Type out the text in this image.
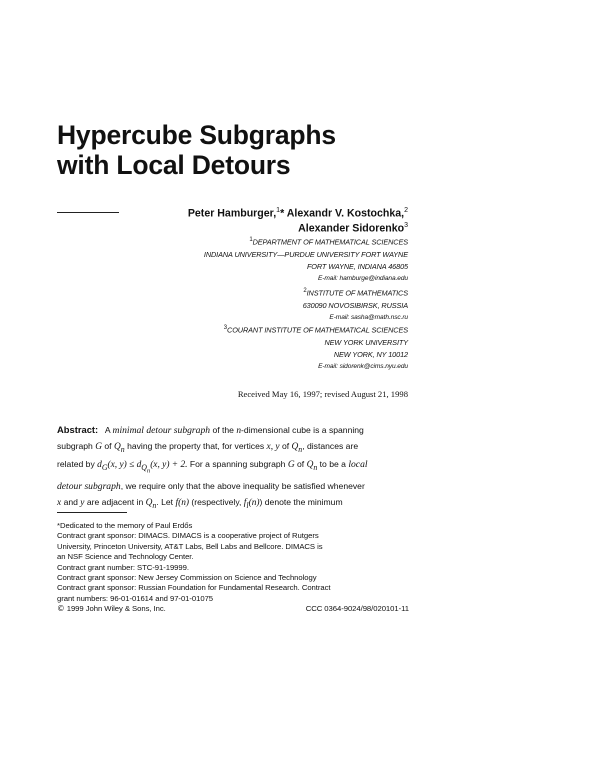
Hypercube Subgraphs
with Local Detours
Peter Hamburger,$^1$* Alexandr V. Kostochka,$^2$
Alexander Sidorenko$^3$
$^1$DEPARTMENT OF MATHEMATICAL SCIENCES
INDIANA UNIVERSITY—PURDUE UNIVERSITY FORT WAYNE
FORT WAYNE, INDIANA 46805
E-mail: hamburge@indiana.edu
$^2$INSTITUTE OF MATHEMATICS
630090 NOVOSIBIRSK, RUSSIA
E-mail: sasha@math.nsc.ru
$^3$COURANT INSTITUTE OF MATHEMATICAL SCIENCES
NEW YORK UNIVERSITY
NEW YORK, NY 10012
E-mail: sidorenk@cims.nyu.edu
Received May 16, 1997; revised August 21, 1998
Abstract: A minimal detour subgraph of the n-dimensional cube is a spanning
subgraph G of $Q_n$ having the property that, for vertices x, y of $Q_n$, distances are
related by $d_G(x$, $y) \le d_{Q_n}(x$, y) + 2. For a spanning subgraph G of $Q_n$ to be a local
detour subgraph, we require only that the above inequality be satisfied whenever
x and y are adjacent in $Q_n$. Let f(n) (respectively, $f_l(n)$) denote the minimum
*Dedicated to the memory of Paul Erdős
Contract grant sponsor: DIMACS. DIMACS is a cooperative project of Rutgers
University, Princeton University, AT&T Labs, Bell Labs and Bellcore. DIMACS is
an NSF Science and Technology Center.
Contract grant number: STC-91-19999.
Contract grant sponsor: New Jersey Commission on Science and Technology
Contract grant sponsor: Russian Foundation for Fundamental Research. Contract
grant numbers: 96-01-01614 and 97-01-01075
© 1999 John Wiley & Sons, Inc.	CCC 0364-9024/98/020101-11
